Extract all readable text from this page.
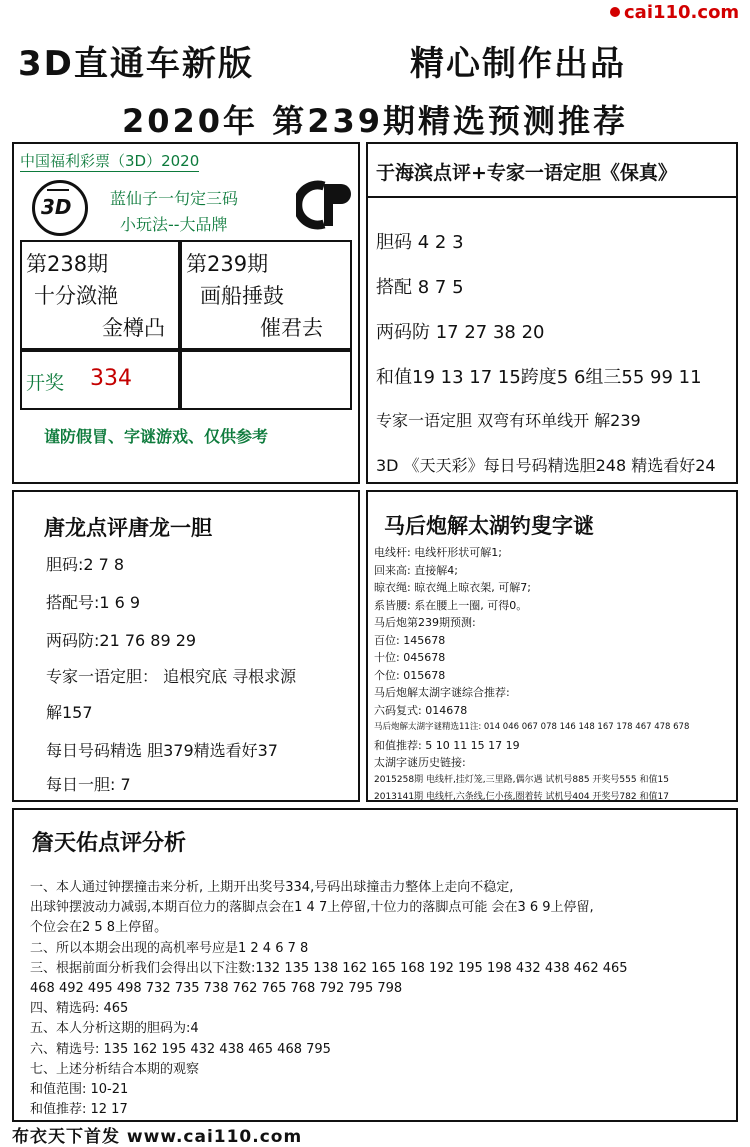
cai110.com
3D直通车新版	精心制作出品
2020年 第239期精选预测推荐
中国福利彩票（3D）2020
3D 蓝仙子一句定三码
小玩法--大品牌
第238期
十分潋滟
金樽凸
第239期
画船捶鼓
催君去
开奖 334
谨防假冒、字谜游戏、仅供参考
于海滨点评+专家一语定胆《保真》
胆码 4 2 3
搭配 8 7 5
两码防 17 27 38 20
和值19 13 17 15跨度5 6组三55 99 11
专家一语定胆 双弯有环单线开 解239
3D 《天天彩》每日号码精选胆248 精选看好24
唐龙点评唐龙一胆
胆码:2 7 8
搭配号:1 6 9
两码防:21 76 89 29
专家一语定胆： 追根究底 寻根求源
解157
每日号码精选 胆379精选看好37
每日一胆: 7
马后炮解太湖钓叟字谜
电线杆: 电线杆形状可解1;
回来高: 直接解4;
晾衣绳: 晾衣绳上晾衣架, 可解7;
系皆腰: 系在腰上一圈, 可得0。
马后炮第239期预测:
百位: 145678
十位: 045678
个位: 015678
马后炮解太湖字谜综合推荐:
六码复式: 014678
马后炮解太湖字谜精选11注: 014 046 067 078 146 148 167 178 467 478 678
和值推荐: 5 10 11 15 17 19
太湖字谜历史链接:
2015258期 电线杆,挂灯笼,三里路,偶尔遇 试机号885 开奖号555 和值15
2013141期 电线杆,六条线,仨小孩,圈着转 试机号404 开奖号782 和值17
詹天佑点评分析
一、本人通过钟摆撞击来分析, 上期开出奖号334,号码出球撞击力整体上走向不稳定,
出球钟摆波动力减弱,本期百位力的落脚点会在1 4 7上停留,十位力的落脚点可能 会在3 6 9上停留,
个位会在2 5 8上停留。
二、所以本期会出现的高机率号应是1 2 4 6 7 8
三、根据前面分析我们会得出以下注数:132 135 138 162 165 168 192 195 198 432 438 462 465
468 492 495 498 732 735 738 762 765 768 792 795 798
四、精选码: 465
五、本人分析这期的胆码为:4
六、精选号: 135 162 195 432 438 465 468 795
七、上述分析结合本期的观察
和值范围: 10-21
和值推荐: 12 17
布衣天下首发 www.cai110.com
